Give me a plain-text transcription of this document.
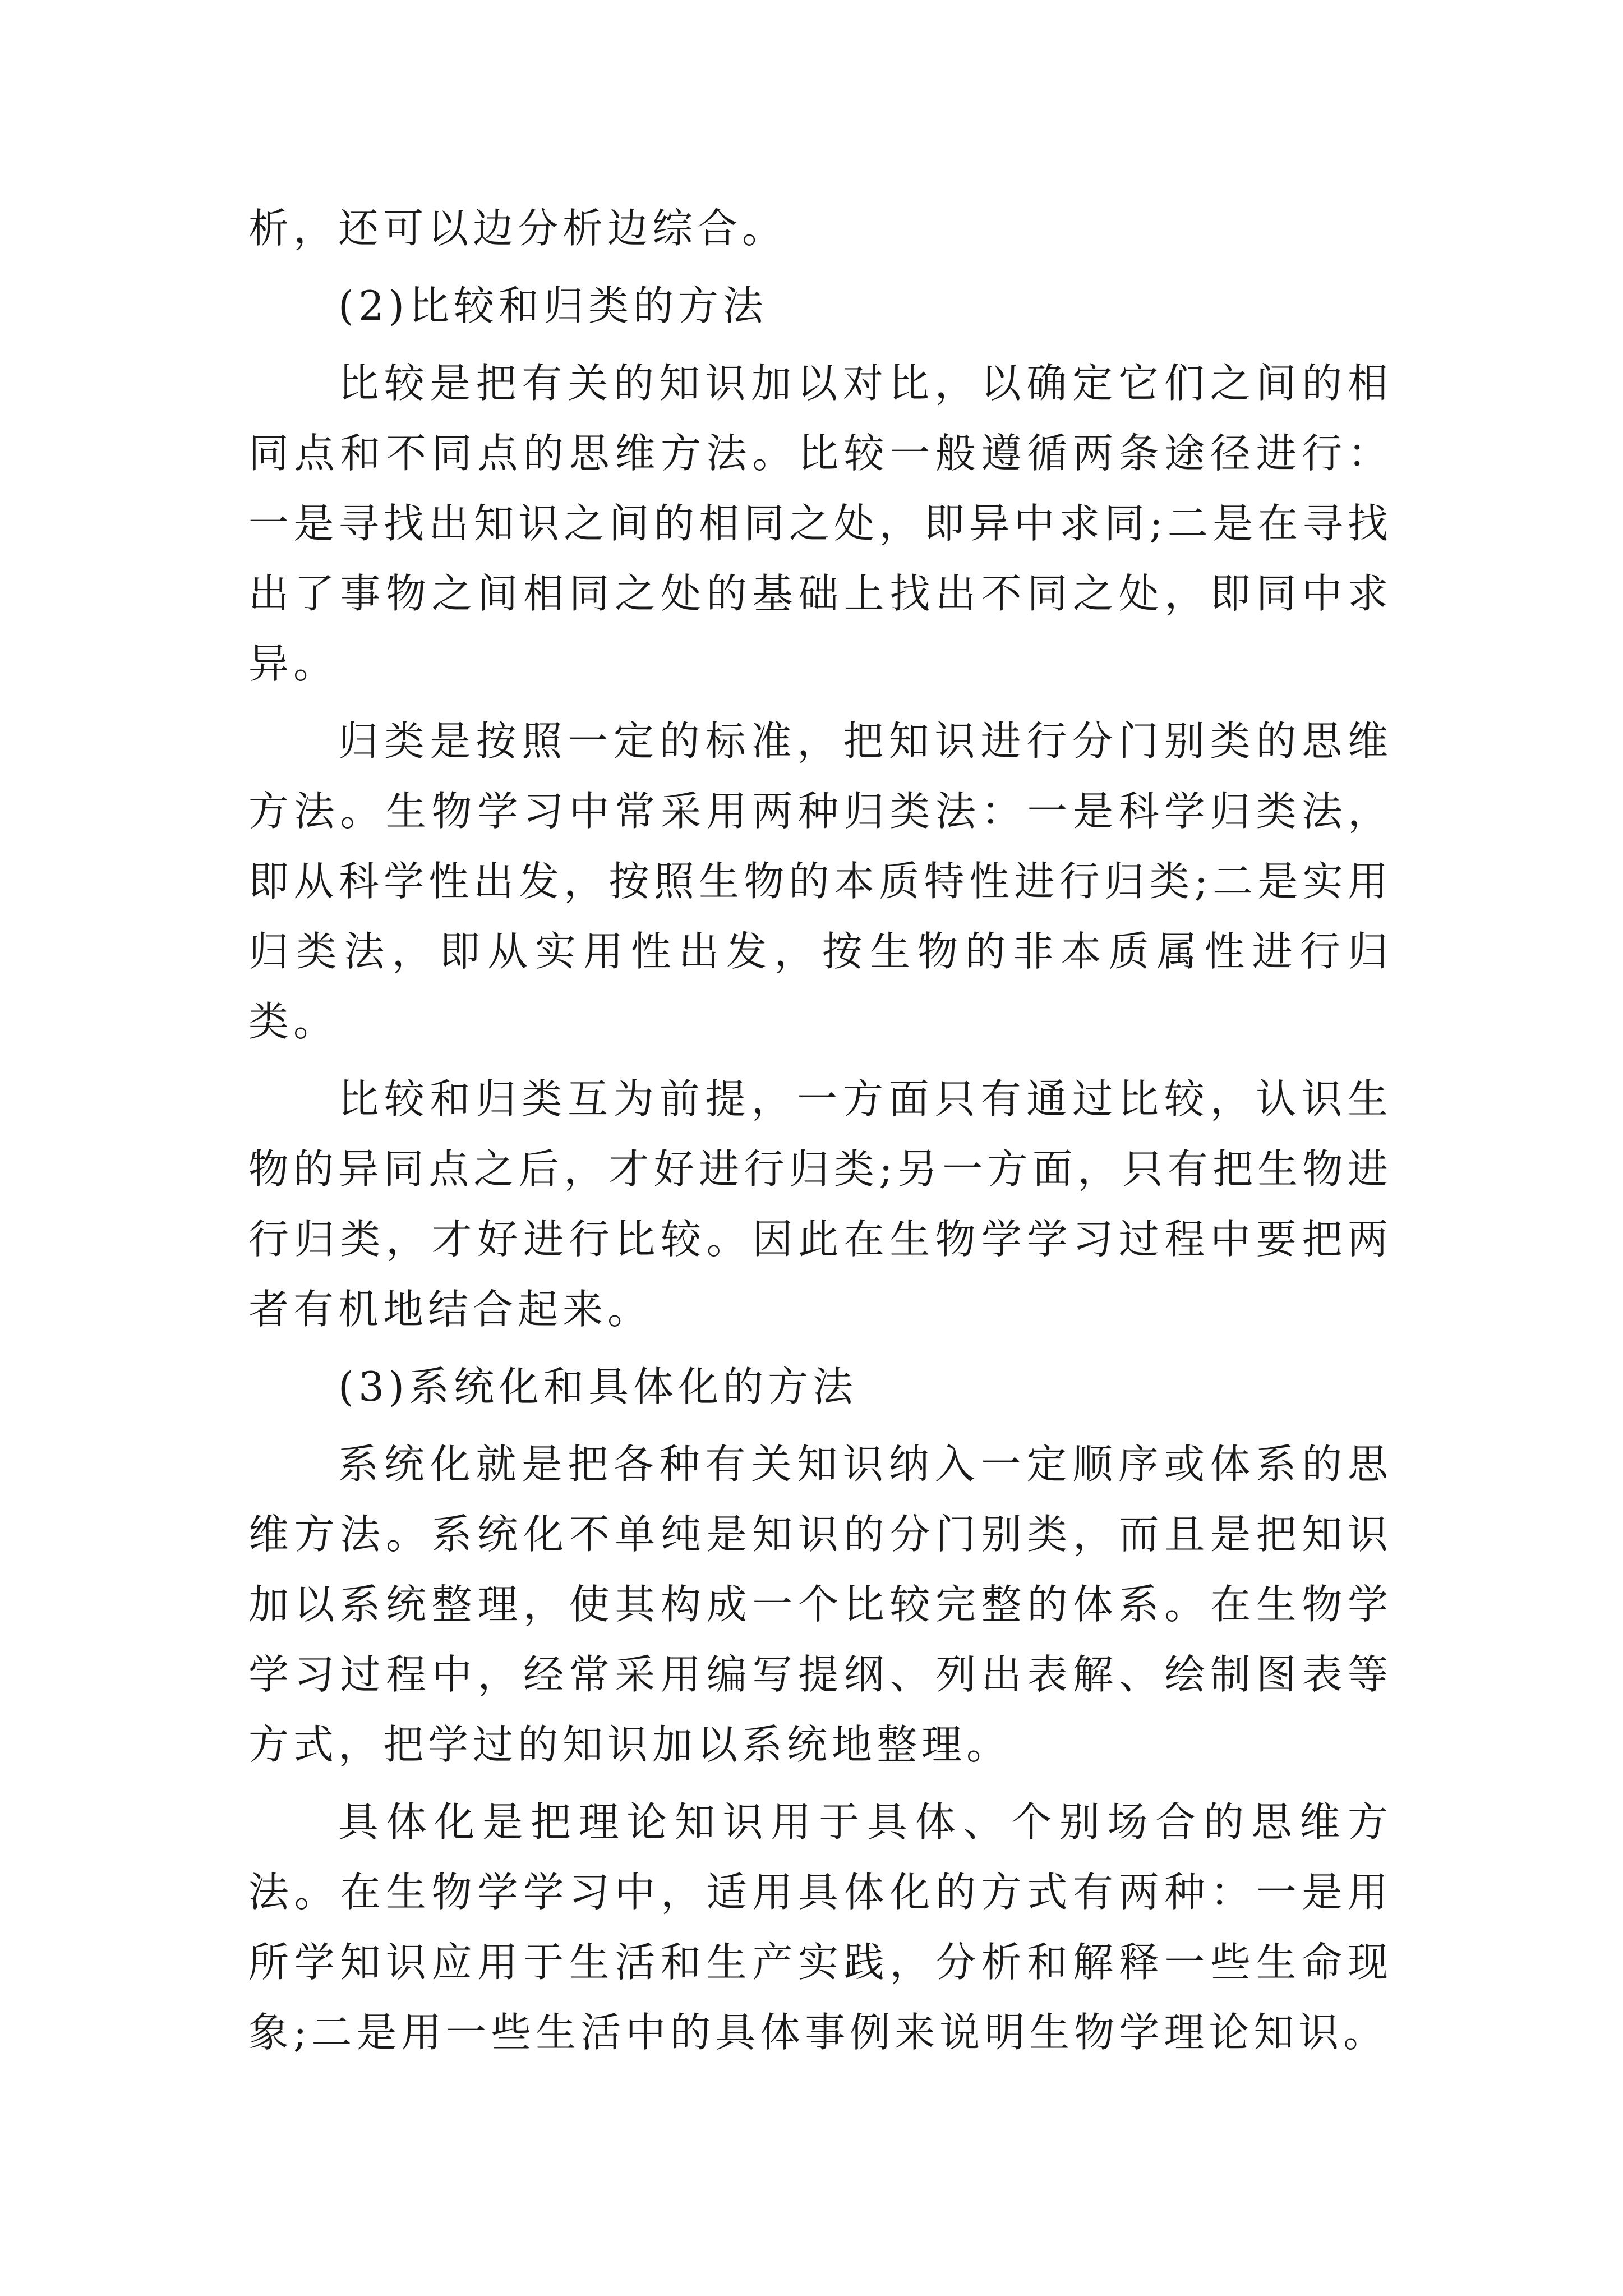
析，还可以边分析边综合。

(2)比较和归类的方法

比较是把有关的知识加以对比，以确定它们之间的相同点和不同点的思维方法。比较一般遵循两条途径进行：一是寻找出知识之间的相同之处，即异中求同;二是在寻找出了事物之间相同之处的基础上找出不同之处，即同中求异。

归类是按照一定的标准，把知识进行分门别类的思维方法。生物学习中常采用两种归类法：一是科学归类法，即从科学性出发，按照生物的本质特性进行归类;二是实用归类法，即从实用性出发，按生物的非本质属性进行归类。

比较和归类互为前提，一方面只有通过比较，认识生物的异同点之后，才好进行归类;另一方面，只有把生物进行归类，才好进行比较。因此在生物学学习过程中要把两者有机地结合起来。

(3)系统化和具体化的方法

系统化就是把各种有关知识纳入一定顺序或体系的思维方法。系统化不单纯是知识的分门别类，而且是把知识加以系统整理，使其构成一个比较完整的体系。在生物学学习过程中，经常采用编写提纲、列出表解、绘制图表等方式，把学过的知识加以系统地整理。

具体化是把理论知识用于具体、个别场合的思维方法。在生物学学习中，适用具体化的方式有两种：一是用所学知识应用于生活和生产实践，分析和解释一些生命现象;二是用一些生活中的具体事例来说明生物学理论知识。
